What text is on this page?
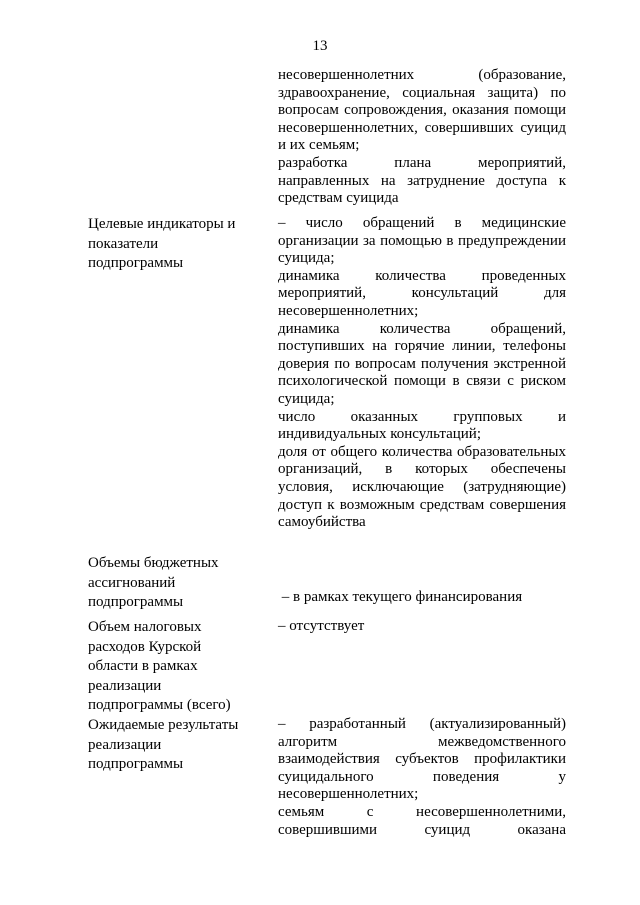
13
несовершеннолетних (образование,
здравоохранение, социальная защита) по
вопросам сопровождения, оказания помощи
несовершеннолетних, совершивших суицид
и их семьям;
разработка плана мероприятий,
направленных на затруднение доступа к
средствам суицида
Целевые индикаторы и
показатели
подпрограммы
– число обращений в медицинские
организации за помощью в предупреждении
суицида;
динамика количества проведенных
мероприятий, консультаций для
несовершеннолетних;
динамика количества обращений,
поступивших на горячие линии, телефоны
доверия по вопросам получения экстренной
психологической помощи в связи с риском
суицида;
число оказанных групповых и
индивидуальных консультаций;
доля от общего количества образовательных
организаций, в которых обеспечены
условия, исключающие (затрудняющие)
доступ к возможным средствам совершения
самоубийства
Объемы бюджетных
ассигнований
подпрограммы

	– в рамках текущего финансирования

Объем налоговых
расходов Курской
области в рамках
реализации
подпрограммы (всего)
– отсутствует
Ожидаемые результаты
реализации
подпрограммы
– разработанный (актуализированный)
алгоритм межведомственного
взаимодействия субъектов профилактики
суицидального поведения у
несовершеннолетних;
семьям с несовершеннолетними,
совершившими суицид оказана
